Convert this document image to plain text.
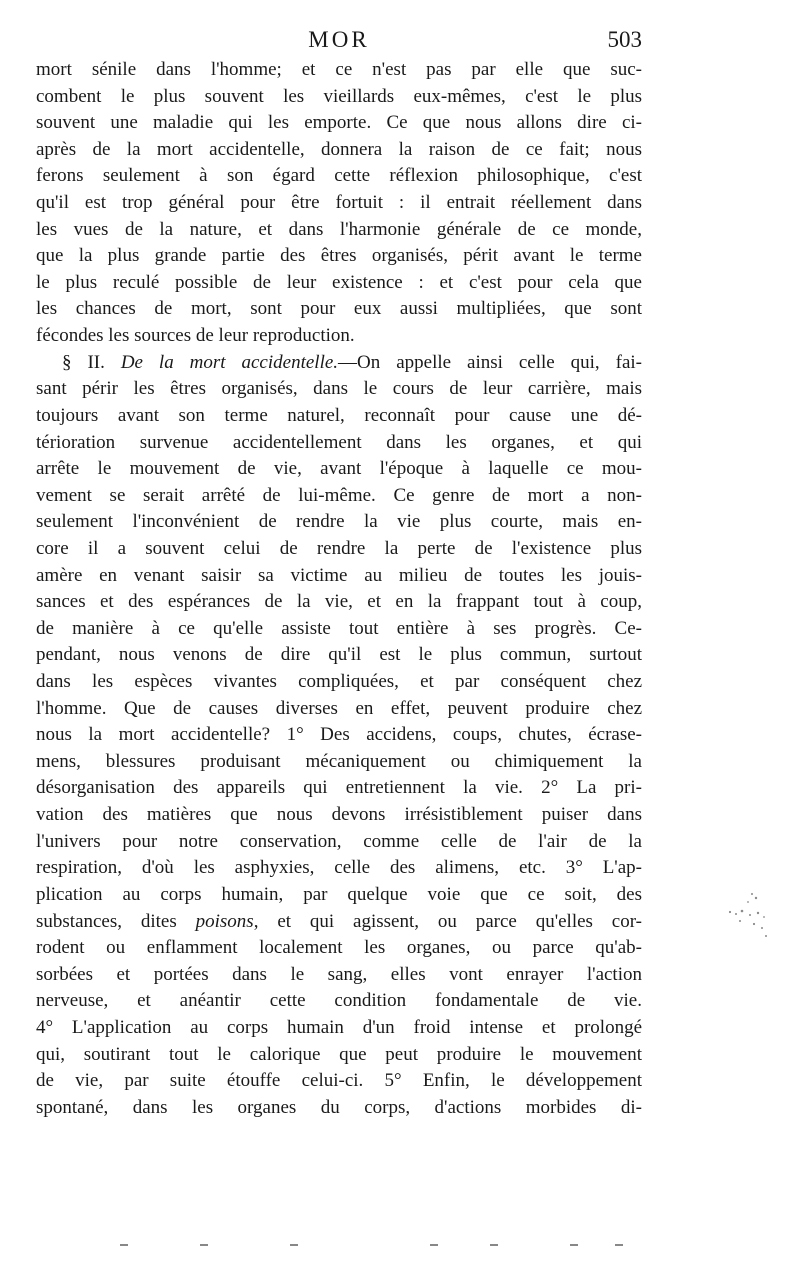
MOR	503
mort sénile dans l'homme; et ce n'est pas par elle que suc-
combent le plus souvent les vieillards eux-mêmes, c'est le plus
souvent une maladie qui les emporte. Ce que nous allons dire ci-
après de la mort accidentelle, donnera la raison de ce fait; nous
ferons seulement à son égard cette réflexion philosophique, c'est
qu'il est trop général pour être fortuit : il entrait réellement dans
les vues de la nature, et dans l'harmonie générale de ce monde,
que la plus grande partie des êtres organisés, périt avant le terme
le plus reculé possible de leur existence : et c'est pour cela que
les chances de mort, sont pour eux aussi multipliées, que sont
fécondes les sources de leur reproduction.
§ II. De la mort accidentelle.—On appelle ainsi celle qui, fai-
sant périr les êtres organisés, dans le cours de leur carrière, mais
toujours avant son terme naturel, reconnaît pour cause une dé-
térioration survenue accidentellement dans les organes, et qui
arrête le mouvement de vie, avant l'époque à laquelle ce mou-
vement se serait arrêté de lui-même. Ce genre de mort a non-
seulement l'inconvénient de rendre la vie plus courte, mais en-
core il a souvent celui de rendre la perte de l'existence plus
amère en venant saisir sa victime au milieu de toutes les jouis-
sances et des espérances de la vie, et en la frappant tout à coup,
de manière à ce qu'elle assiste tout entière à ses progrès. Ce-
pendant, nous venons de dire qu'il est le plus commun, surtout
dans les espèces vivantes compliquées, et par conséquent chez
l'homme. Que de causes diverses en effet, peuvent produire chez
nous la mort accidentelle? 1° Des accidens, coups, chutes, écrase-
mens, blessures produisant mécaniquement ou chimiquement la
désorganisation des appareils qui entretiennent la vie. 2° La pri-
vation des matières que nous devons irrésistiblement puiser dans
l'univers pour notre conservation, comme celle de l'air de la
respiration, d'où les asphyxies, celle des alimens, etc. 3° L'ap-
plication au corps humain, par quelque voie que ce soit, des
substances, dites poisons, et qui agissent, ou parce qu'elles cor-
rodent ou enflamment localement les organes, ou parce qu'ab-
sorbées et portées dans le sang, elles vont enrayer l'action
nerveuse, et anéantir cette condition fondamentale de vie.
4° L'application au corps humain d'un froid intense et prolongé
qui, soutirant tout le calorique que peut produire le mouvement
de vie, par suite étouffe celui-ci. 5° Enfin, le développement
spontané, dans les organes du corps, d'actions morbides di-
